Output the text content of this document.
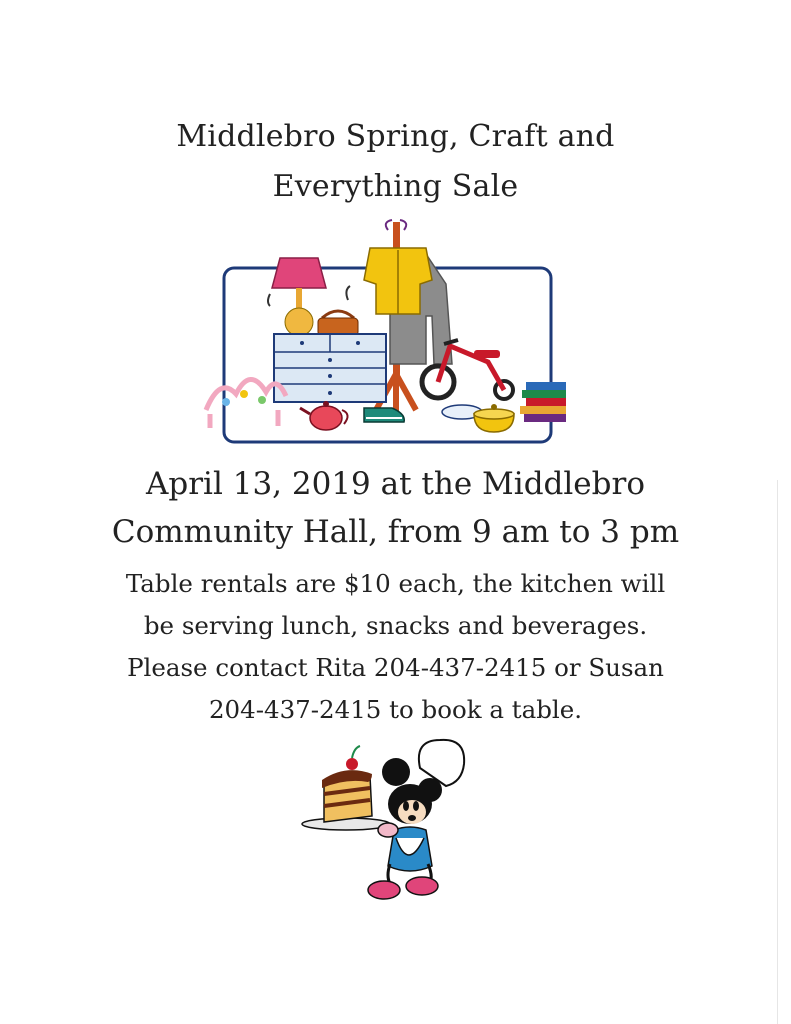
Middlebro Spring, Craft and
Everything Sale
April 13, 2019 at the Middlebro
Community Hall, from 9 am to 3 pm
Table rentals are $10 each, the kitchen will
be serving lunch, snacks and beverages.
Please contact Rita 204-437-2415 or Susan
204-437-2415 to book a table.
